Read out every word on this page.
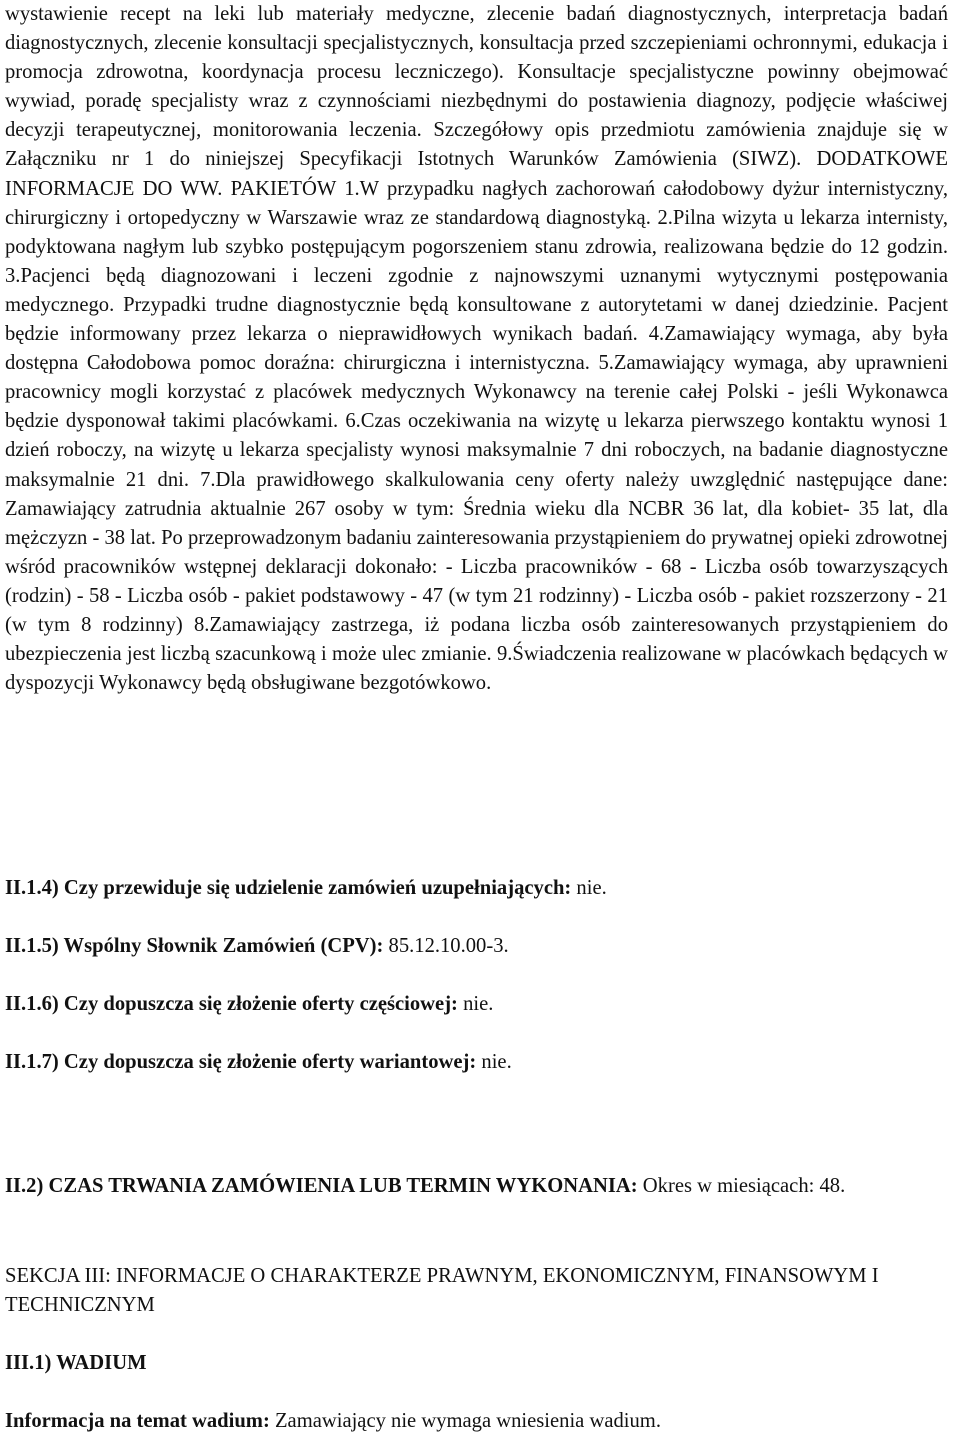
wystawienie recept na leki lub materiały medyczne, zlecenie badań diagnostycznych, interpretacja badań diagnostycznych, zlecenie konsultacji specjalistycznych, konsultacja przed szczepieniami ochronnymi, edukacja i promocja zdrowotna, koordynacja procesu leczniczego). Konsultacje specjalistyczne powinny obejmować wywiad, poradę specjalisty wraz z czynnościami niezbędnymi do postawienia diagnozy, podjęcie właściwej decyzji terapeutycznej, monitorowania leczenia. Szczegółowy opis przedmiotu zamówienia znajduje się w Załączniku nr 1 do niniejszej Specyfikacji Istotnych Warunków Zamówienia (SIWZ). DODATKOWE INFORMACJE DO WW. PAKIETÓW 1.W przypadku nagłych zachorowań całodobowy dyżur internistyczny, chirurgiczny i ortopedyczny w Warszawie wraz ze standardową diagnostyką. 2.Pilna wizyta u lekarza internisty, podyktowana nagłym lub szybko postępującym pogorszeniem stanu zdrowia, realizowana będzie do 12 godzin. 3.Pacjenci będą diagnozowani i leczeni zgodnie z najnowszymi uznanymi wytycznymi postępowania medycznego. Przypadki trudne diagnostycznie będą konsultowane z autorytetami w danej dziedzinie. Pacjent będzie informowany przez lekarza o nieprawidłowych wynikach badań. 4.Zamawiający wymaga, aby była dostępna Całodobowa pomoc doraźna: chirurgiczna i internistyczna. 5.Zamawiający wymaga, aby uprawnieni pracownicy mogli korzystać z placówek medycznych Wykonawcy na terenie całej Polski - jeśli Wykonawca będzie dysponował takimi placówkami. 6.Czas oczekiwania na wizytę u lekarza pierwszego kontaktu wynosi 1 dzień roboczy, na wizytę u lekarza specjalisty wynosi maksymalnie 7 dni roboczych, na badanie diagnostyczne maksymalnie 21 dni. 7.Dla prawidłowego skalkulowania ceny oferty należy uwzględnić następujące dane: Zamawiający zatrudnia aktualnie 267 osoby w tym: Średnia wieku dla NCBR 36 lat, dla kobiet- 35 lat, dla mężczyzn - 38 lat. Po przeprowadzonym badaniu zainteresowania przystąpieniem do prywatnej opieki zdrowotnej wśród pracowników wstępnej deklaracji dokonało: - Liczba pracowników - 68 - Liczba osób towarzyszących (rodzin) - 58 - Liczba osób - pakiet podstawowy - 47 (w tym 21 rodzinny) - Liczba osób - pakiet rozszerzony - 21 (w tym 8 rodzinny) 8.Zamawiający zastrzega, iż podana liczba osób zainteresowanych przystąpieniem do ubezpieczenia jest liczbą szacunkową i może ulec zmianie. 9.Świadczenia realizowane w placówkach będących w dyspozycji Wykonawcy będą obsługiwane bezgotówkowo.

II.1.4) Czy przewiduje się udzielenie zamówień uzupełniających: nie.

II.1.5) Wspólny Słownik Zamówień (CPV): 85.12.10.00-3.

II.1.6) Czy dopuszcza się złożenie oferty częściowej: nie.

II.1.7) Czy dopuszcza się złożenie oferty wariantowej: nie.

II.2) CZAS TRWANIA ZAMÓWIENIA LUB TERMIN WYKONANIA: Okres w miesiącach: 48.

SEKCJA III: INFORMACJE O CHARAKTERZE PRAWNYM, EKONOMICZNYM, FINANSOWYM I TECHNICZNYM

III.1) WADIUM

Informacja na temat wadium: Zamawiający nie wymaga wniesienia wadium.
